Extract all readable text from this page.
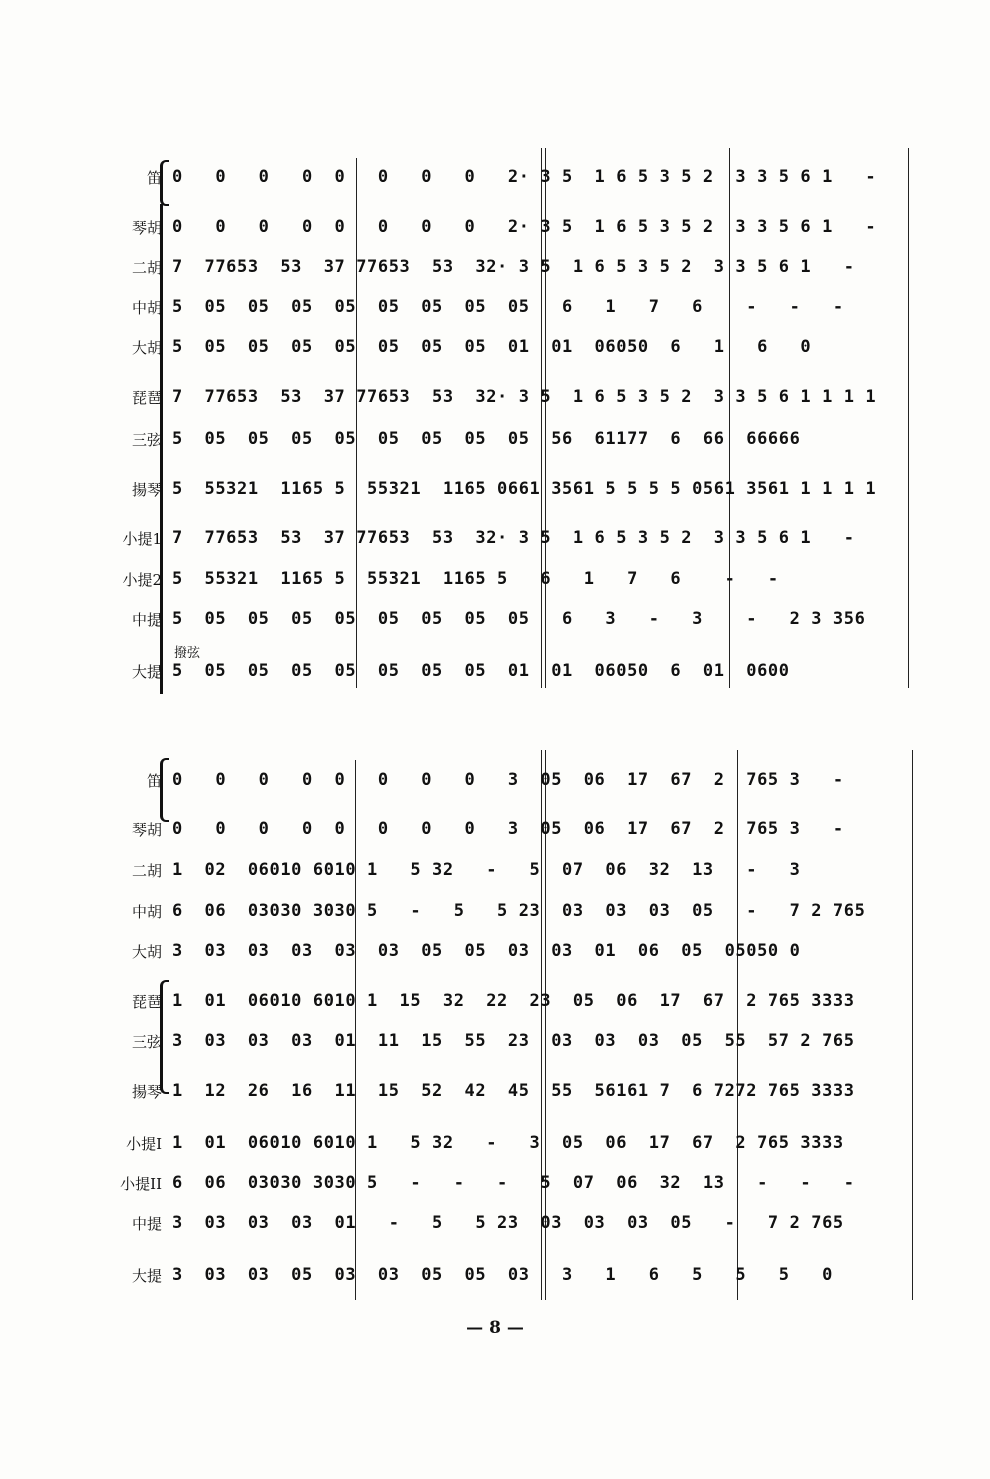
笛 0   0   0   0  0   0   0   0   2· 3 5  1 6 5 3 5 2  3 3 5 6 1   -
琴胡 0   0   0   0  0   0   0   0   2· 3 5  1 6 5 3 5 2  3 3 5 6 1   -
二胡 7  77653  53  37 77653  53  32· 3 5  1 6 5 3 5 2  3 3 5 6 1   -
中胡 5  05  05  05  05  05  05  05  05   6   1   7   6    -   -   -
大胡 5  05  05  05  05  05  05  05  01  01  06050  6   1   6   0
琵琶 7  77653  53  37 77653  53  32· 3 5  1 6 5 3 5 2  3 3 5 6 1 1 1 1
三弦 5  05  05  05  05  05  05  05  05  56  61177  6  66  66666
揚琴 5  55321  1165 5  55321  1165 0661 3561 5 5 5 5 0561 3561 1 1 1 1
小提1 7  77653  53  37 77653  53  32· 3 5  1 6 5 3 5 2  3 3 5 6 1   -
小提2 5  55321  1165 5  55321  1165 5   6   1   7   6    -   -
中提 5  05  05  05  05  05  05  05  05   6   3   -   3    -   2 3 356
撥弦
大提 5  05  05  05  05  05  05  05  01  01  06050  6  01  0600
笛 0   0   0   0  0   0   0   0   3  05  06  17  67  2  765 3   -
琴胡 0   0   0   0  0   0   0   0   3  05  06  17  67  2  765 3   -
二胡 1  02  06010 6010 1   5 32   -   5  07  06  32  13   -   3
中胡 6  06  03030 3030 5   -   5   5 23  03  03  03  05   -   7 2 765
大胡 3  03  03  03  03  03  05  05  03  03  01  06  05  05050 0
琵琶 1  01  06010 6010 1  15  32  22  23  05  06  17  67  2 765 3333
三弦 3  03  03  03  01  11  15  55  23  03  03  03  05  55  57 2 765
揚琴 1  12  26  16  11  15  52  42  45  55  56161 7  6 7272 765 3333
小提I 1  01  06010 6010 1   5 32   -   3  05  06  17  67  2 765 3333
小提II 6  06  03030 3030 5   -   -   -   5  07  06  32  13   -   -   -
中提 3  03  03  03  01   -   5   5 23  03  03  03  05   -   7 2 765
大提 3  03  03  05  03  03  05  05  03   3   1   6   5   5   5   0
— 8 —
